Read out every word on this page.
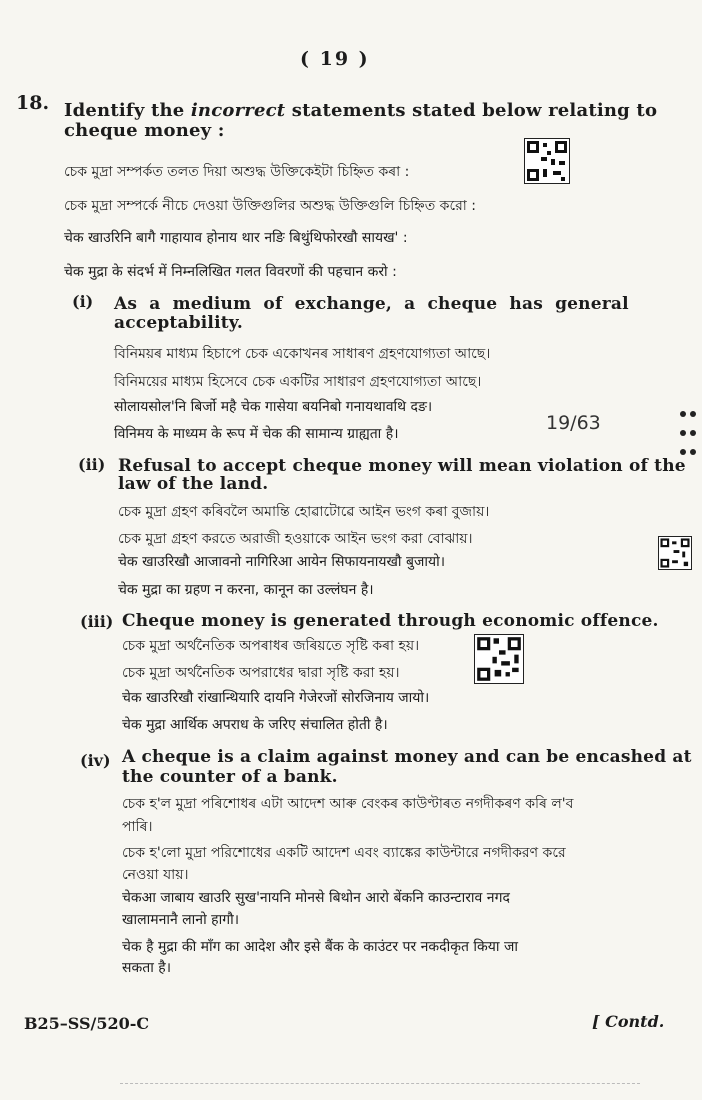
( 19 )
18. Identify the incorrect statements stated below relating to
cheque money :
চেক মুদ্ৰা সম্পৰ্কত তলত দিয়া অশুদ্ধ উক্তিকেইটা চিহ্নিত কৰা :
চেক মুদ্রা সম্পর্কে নীচে দেওয়া উক্তিগুলির অশুদ্ধ উক্তিগুলি চিহ্নিত করো :
चेक खाउरिनि बागै गाहायाव होनाय थार नङि बिथुंथिफोरखौ सायख' :
चेक मुद्रा के संदर्भ में निम्नलिखित गलत विवरणों की पहचान करो :
(i) As a medium of exchange, a cheque has general
acceptability.
বিনিময়ৰ মাধ্যম হিচাপে চেক একোখনৰ সাধাৰণ গ্ৰহণযোগ্যতা আছে।
বিনিময়ের মাধ্যম হিসেবে চেক একটির সাধারণ গ্রহণযোগ্যতা আছে।
सोलायसोल'नि बिर्जो महै चेक गासेया बयनिबो गनायथावथि दङ।
विनिमय के माध्यम के रूप में चेक की सामान्य ग्राह्यता है।	19/63
(ii) Refusal to accept cheque money will mean violation of the
law of the land.
চেক মুদ্ৰা গ্ৰহণ কৰিবলৈ অমান্তি হোৱাটোৱে আইন ভংগ কৰা বুজায়।
চেক মুদ্রা গ্রহণ করতে অরাজী হওয়াকে আইন ভংগ করা বোঝায়।
चेक खाउरिखौ आजावनो नागिरिआ आयेन सिफायनायखौ बुजायो।
चेक मुद्रा का ग्रहण न करना, कानून का उल्लंघन है।
(iii) Cheque money is generated through economic offence.
চেক মুদ্ৰা অৰ্থনৈতিক অপৰাধৰ জৰিয়তে সৃষ্টি কৰা হয়।
চেক মুদ্রা অর্থনৈতিক অপরাধের দ্বারা সৃষ্টি করা হয়।
चेक खाउरिखौ रांखान्थियारि दायनि गेजेरजों सोरजिनाय जायो।
चेक मुद्रा आर्थिक अपराध के जरिए संचालित होती है।
(iv) A cheque is a claim against money and can be encashed at
the counter of a bank.
চেক হ'ল মুদ্ৰা পৰিশোধৰ এটা আদেশ আৰু বেংকৰ কাউণ্টাৰত নগদীকৰণ কৰি ল'ব
পাৰি।
চেক হ'লো মুদ্রা পরিশোধের একটি আদেশ এবং ব্যাঙ্কের কাউন্টারে নগদীকরণ করে
নেওয়া যায়।
चेकआ जाबाय खाउरि सुख'नायनि मोनसे बिथोन आरो बेंकनि काउन्टाराव नगद
खालामनानै लानो हागौ।
चेक है मुद्रा की माँग का आदेश और इसे बैंक के काउंटर पर नकदीकृत किया जा
सकता है।
B25–SS/520-C	[ Contd.
